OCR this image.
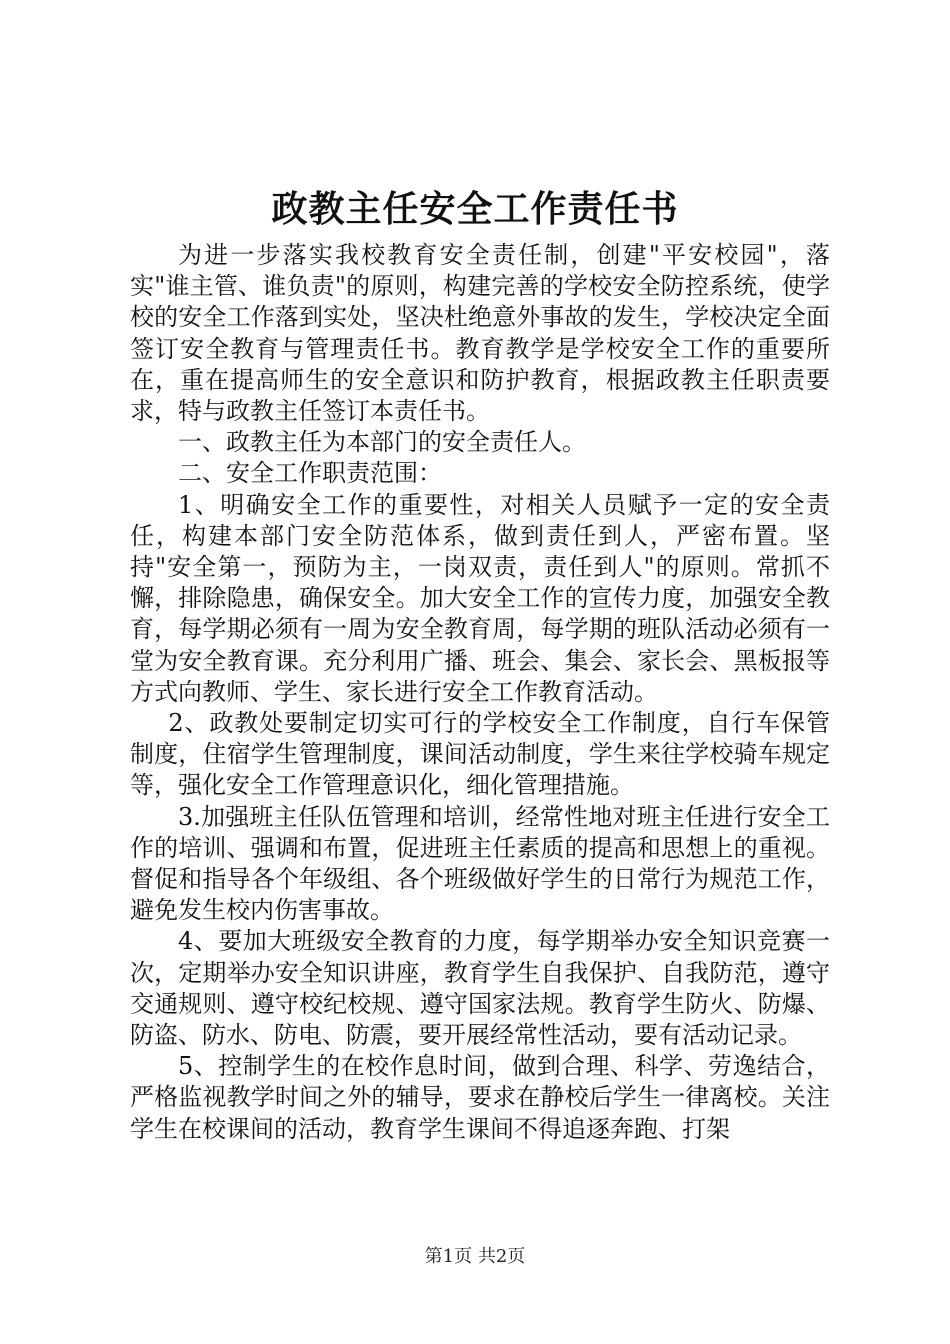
政教主任安全工作责任书

为进一步落实我校教育安全责任制，创建"平安校园"，落实"谁主管、谁负责"的原则，构建完善的学校安全防控系统，使学校的安全工作落到实处，坚决杜绝意外事故的发生，学校决定全面签订安全教育与管理责任书。教育教学是学校安全工作的重要所在，重在提高师生的安全意识和防护教育，根据政教主任职责要求，特与政教主任签订本责任书。

一、政教主任为本部门的安全责任人。

二、安全工作职责范围：

1、明确安全工作的重要性，对相关人员赋予一定的安全责任，构建本部门安全防范体系，做到责任到人，严密布置。坚持"安全第一，预防为主，一岗双责，责任到人"的原则。常抓不懈，排除隐患，确保安全。加大安全工作的宣传力度，加强安全教育，每学期必须有一周为安全教育周，每学期的班队活动必须有一堂为安全教育课。充分利用广播、班会、集会、家长会、黑板报等方式向教师、学生、家长进行安全工作教育活动。

2、政教处要制定切实可行的学校安全工作制度，自行车保管制度，住宿学生管理制度，课间活动制度，学生来往学校骑车规定等，强化安全工作管理意识化，细化管理措施。

3.加强班主任队伍管理和培训，经常性地对班主任进行安全工作的培训、强调和布置，促进班主任素质的提高和思想上的重视。督促和指导各个年级组、各个班级做好学生的日常行为规范工作，避免发生校内伤害事故。

4、要加大班级安全教育的力度，每学期举办安全知识竞赛一次，定期举办安全知识讲座，教育学生自我保护、自我防范，遵守交通规则、遵守校纪校规、遵守国家法规。教育学生防火、防爆、防盗、防水、防电、防震，要开展经常性活动，要有活动记录。

5、控制学生的在校作息时间，做到合理、科学、劳逸结合，严格监视教学时间之外的辅导，要求在静校后学生一律离校。关注学生在校课间的活动，教育学生课间不得追逐奔跑、打架

第1页 共2页
